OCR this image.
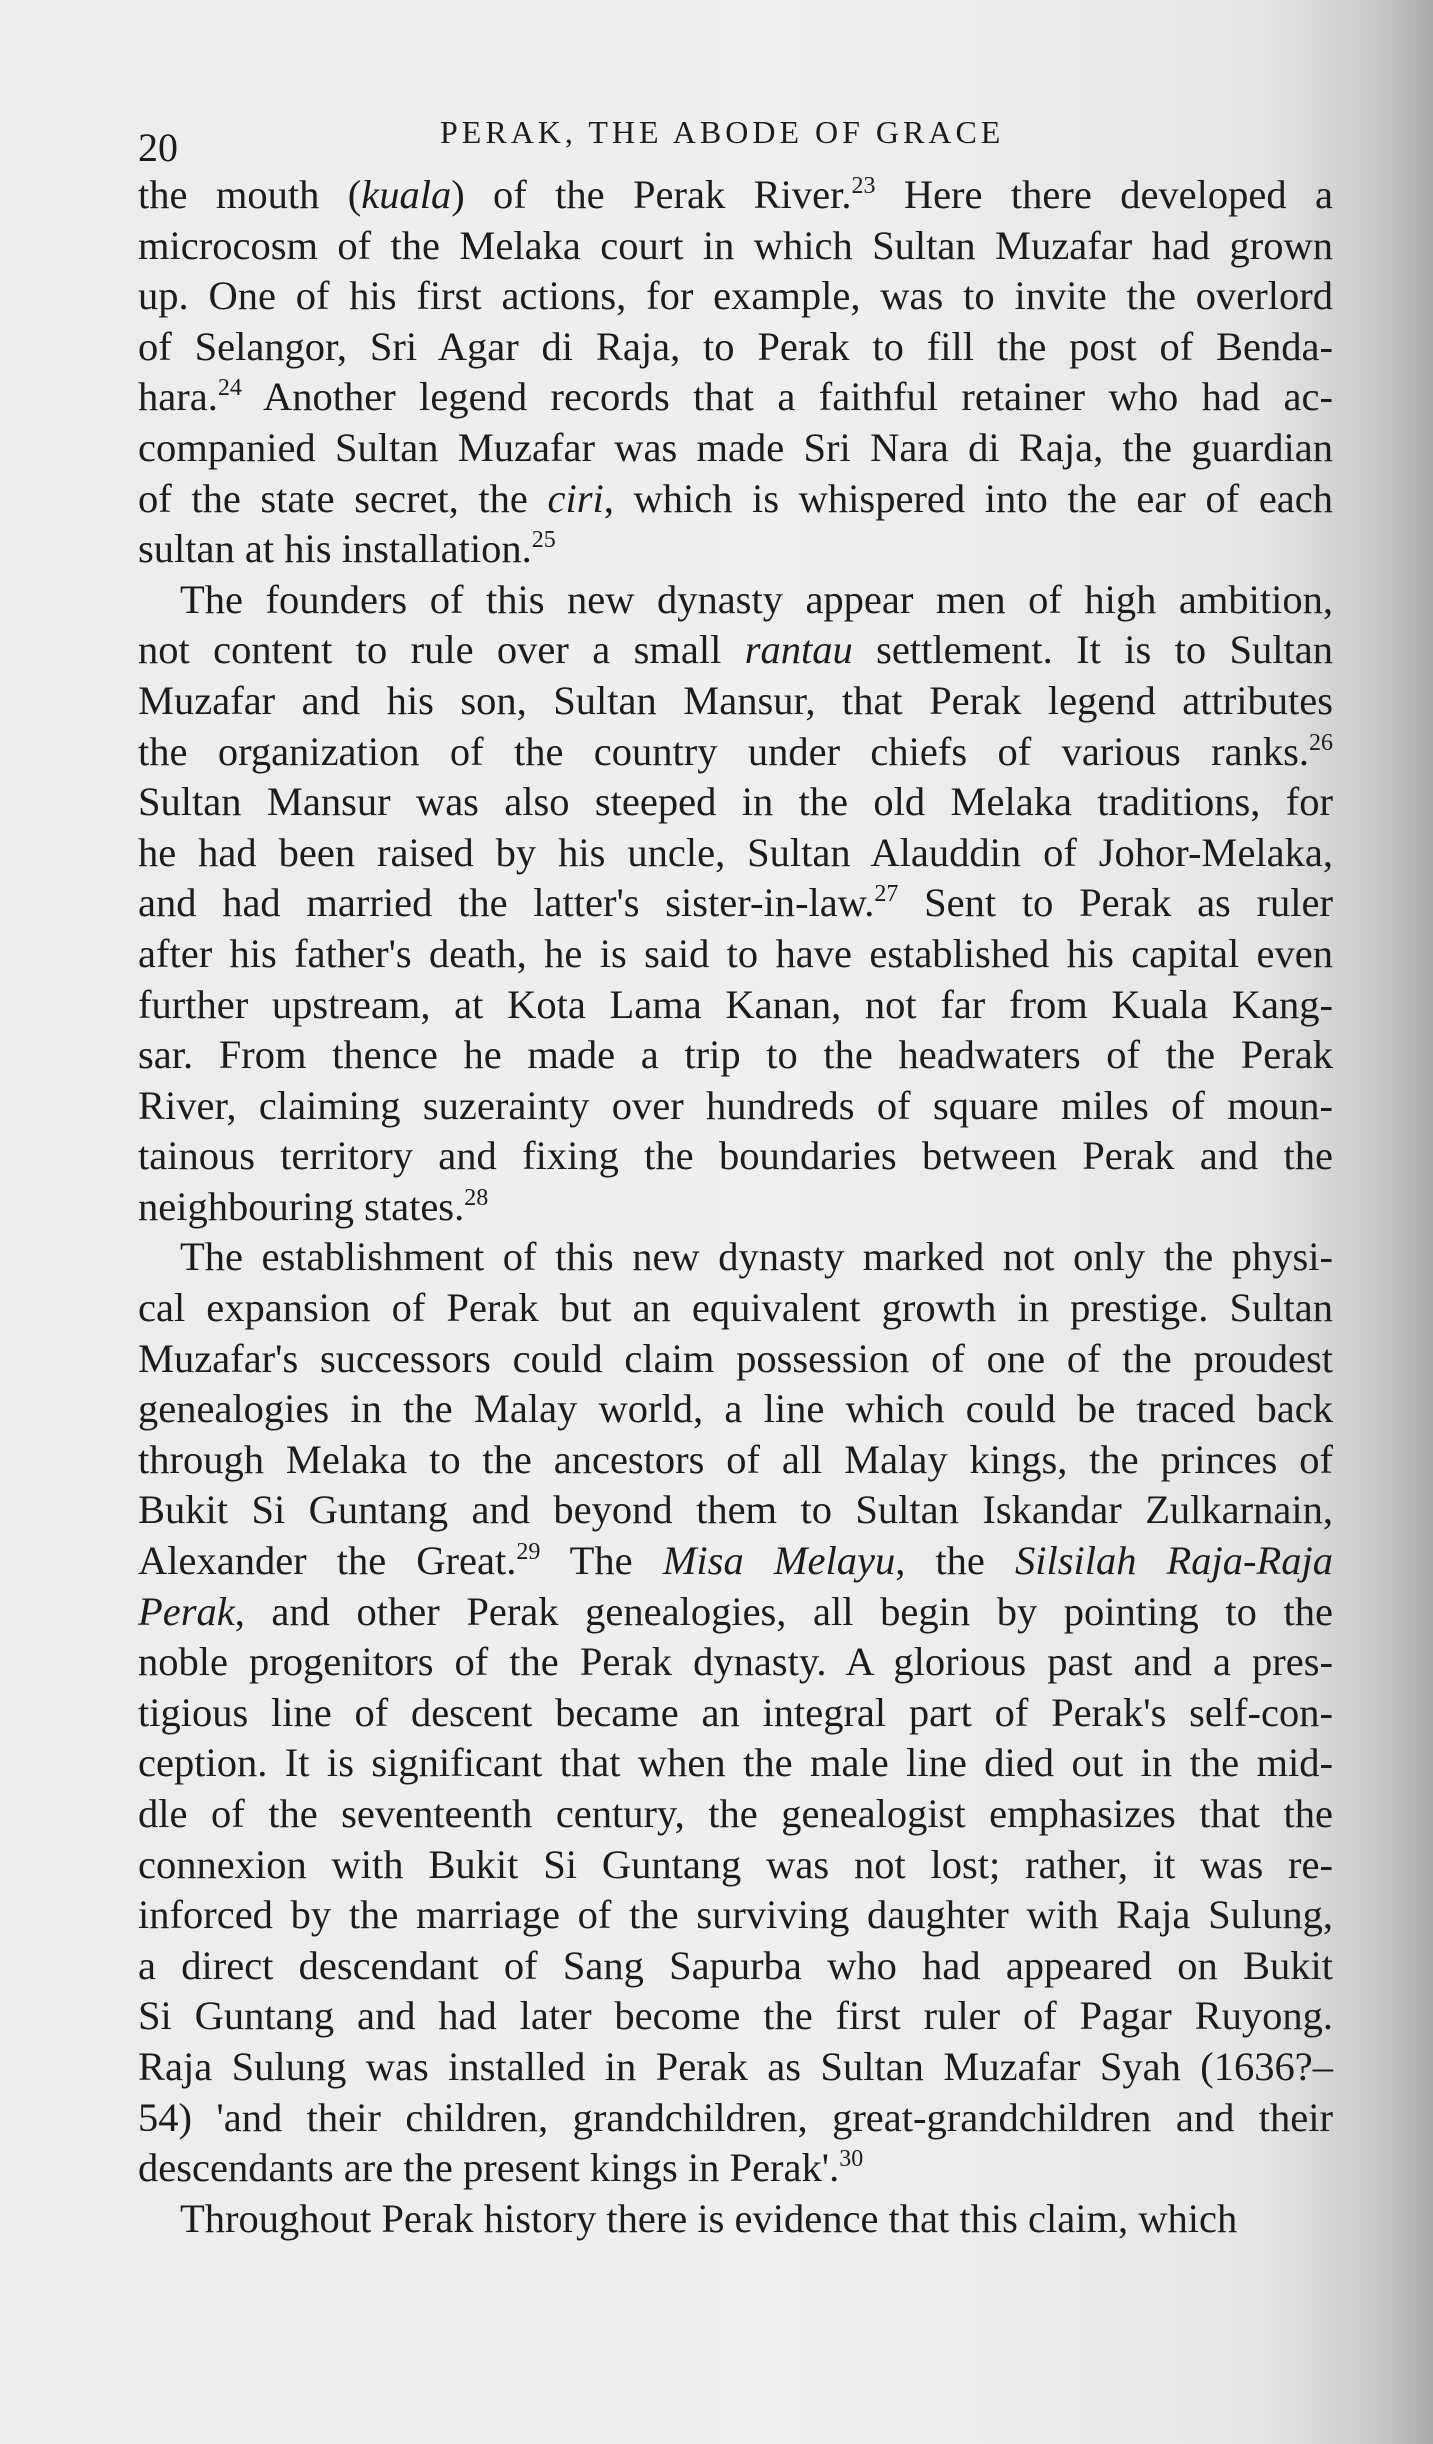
20	PERAK, THE ABODE OF GRACE
the mouth (kuala) of the Perak River.$^{23}$ Here there developed a
microcosm of the Melaka court in which Sultan Muzafar had grown
up. One of his first actions, for example, was to invite the overlord
of Selangor, Sri Agar di Raja, to Perak to fill the post of Benda-
hara.$^{24}$ Another legend records that a faithful retainer who had ac-
companied Sultan Muzafar was made Sri Nara di Raja, the guardian
of the state secret, the ciri, which is whispered into the ear of each
sultan at his installation.$^{25}$
The founders of this new dynasty appear men of high ambition,
not content to rule over a small rantau settlement. It is to Sultan
Muzafar and his son, Sultan Mansur, that Perak legend attributes
the organization of the country under chiefs of various ranks.$^{26}$
Sultan Mansur was also steeped in the old Melaka traditions, for
he had been raised by his uncle, Sultan Alauddin of Johor-Melaka,
and had married the latter's sister-in-law.$^{27}$ Sent to Perak as ruler
after his father's death, he is said to have established his capital even
further upstream, at Kota Lama Kanan, not far from Kuala Kang-
sar. From thence he made a trip to the headwaters of the Perak
River, claiming suzerainty over hundreds of square miles of moun-
tainous territory and fixing the boundaries between Perak and the
neighbouring states.$^{28}$
The establishment of this new dynasty marked not only the physi-
cal expansion of Perak but an equivalent growth in prestige. Sultan
Muzafar's successors could claim possession of one of the proudest
genealogies in the Malay world, a line which could be traced back
through Melaka to the ancestors of all Malay kings, the princes of
Bukit Si Guntang and beyond them to Sultan Iskandar Zulkarnain,
Alexander the Great.$^{29}$ The Misa Melayu, the Silsilah Raja-Raja
Perak, and other Perak genealogies, all begin by pointing to the
noble progenitors of the Perak dynasty. A glorious past and a pres-
tigious line of descent became an integral part of Perak's self-con-
ception. It is significant that when the male line died out in the mid-
dle of the seventeenth century, the genealogist emphasizes that the
connexion with Bukit Si Guntang was not lost; rather, it was re-
inforced by the marriage of the surviving daughter with Raja Sulung,
a direct descendant of Sang Sapurba who had appeared on Bukit
Si Guntang and had later become the first ruler of Pagar Ruyong.
Raja Sulung was installed in Perak as Sultan Muzafar Syah (1636?–
54) 'and their children, grandchildren, great-grandchildren and their
descendants are the present kings in Perak'.$^{30}$
Throughout Perak history there is evidence that this claim, which
